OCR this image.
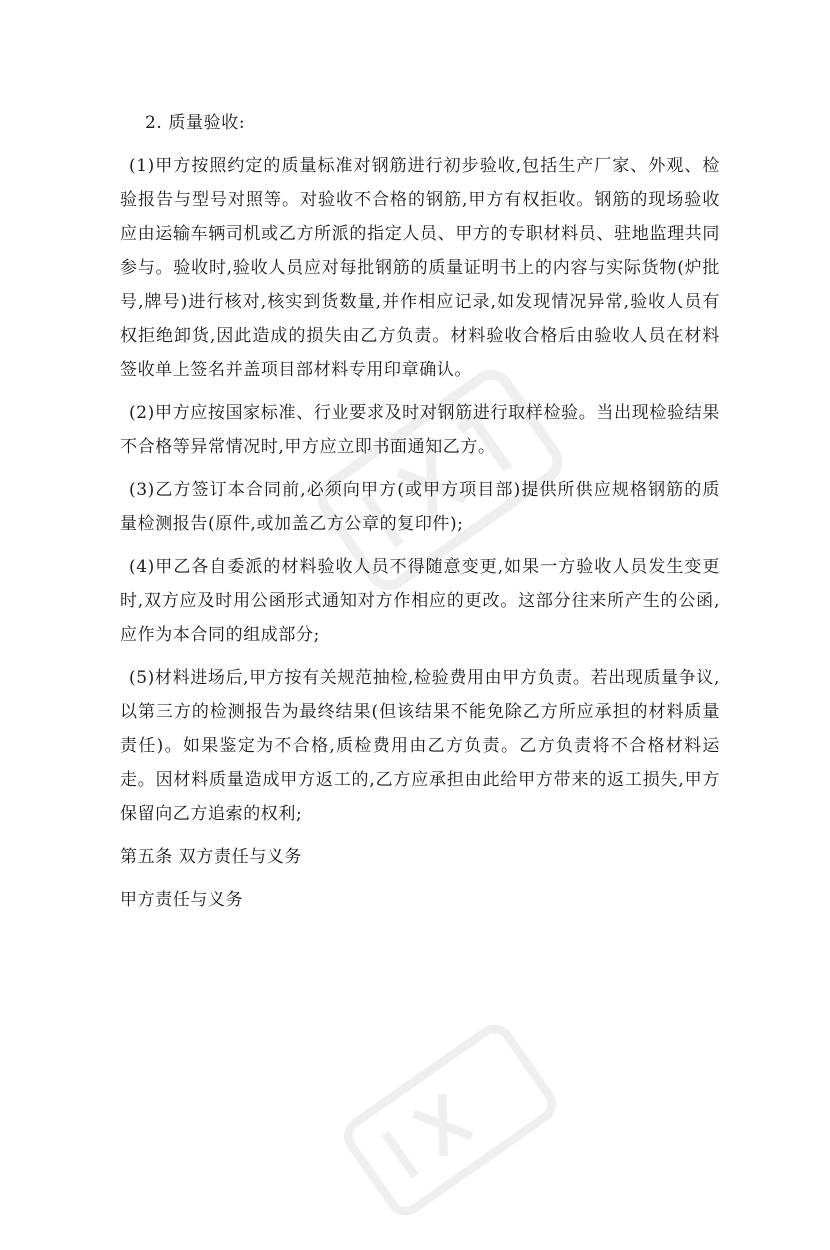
2. 质量验收:

(1)甲方按照约定的质量标准对钢筋进行初步验收,包括生产厂家、外观、检验报告与型号对照等。对验收不合格的钢筋,甲方有权拒收。钢筋的现场验收应由运输车辆司机或乙方所派的指定人员、甲方的专职材料员、驻地监理共同参与。验收时,验收人员应对每批钢筋的质量证明书上的内容与实际货物(炉批号,牌号)进行核对,核实到货数量,并作相应记录,如发现情况异常,验收人员有权拒绝卸货,因此造成的损失由乙方负责。材料验收合格后由验收人员在材料签收单上签名并盖项目部材料专用印章确认。

(2)甲方应按国家标准、行业要求及时对钢筋进行取样检验。当出现检验结果不合格等异常情况时,甲方应立即书面通知乙方。

(3)乙方签订本合同前,必须向甲方(或甲方项目部)提供所供应规格钢筋的质量检测报告(原件,或加盖乙方公章的复印件);

(4)甲乙各自委派的材料验收人员不得随意变更,如果一方验收人员发生变更时,双方应及时用公函形式通知对方作相应的更改。这部分往来所产生的公函,应作为本合同的组成部分;

(5)材料进场后,甲方按有关规范抽检,检验费用由甲方负责。若出现质量争议,以第三方的检测报告为最终结果(但该结果不能免除乙方所应承担的材料质量责任)。如果鉴定为不合格,质检费用由乙方负责。乙方负责将不合格材料运走。因材料质量造成甲方返工的,乙方应承担由此给甲方带来的返工损失,甲方保留向乙方追索的权利;

第五条 双方责任与义务

甲方责任与义务
